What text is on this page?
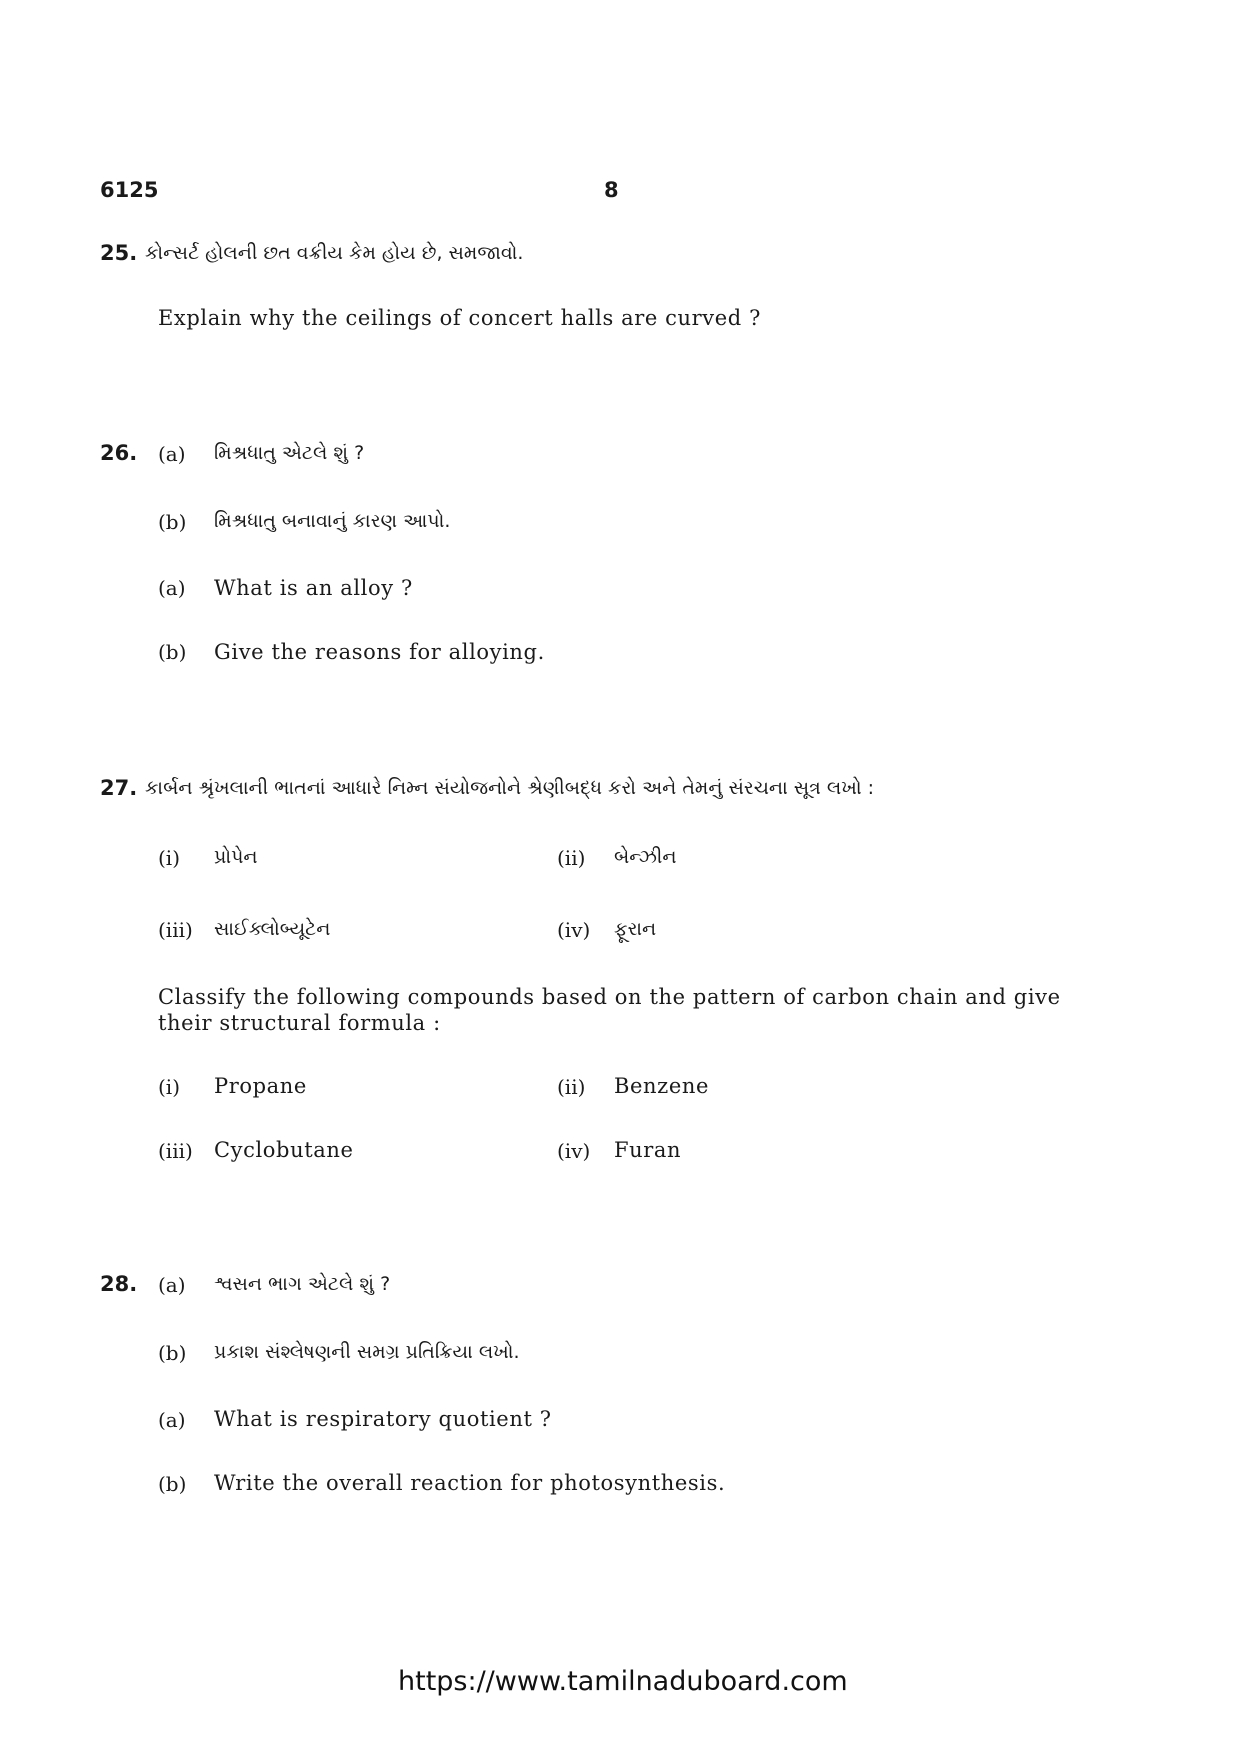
6125	8
25. કોન્સર્ટ હોલની છત વક્રીય કેમ હોય છે, સમજાવો.
Explain why the ceilings of concert halls are curved ?
26. (a) મિશ્રધાતુ એટલે શું ?
(b) મિશ્રધાતુ બનાવાનું કારણ આપો.
(a) What is an alloy ?
(b) Give the reasons for alloying.
27. કાર્બન શ્રૃંખલાની ભાતનાં આધારે નિમ્ન સંયોજનોને શ્રેણીબદ્ધ કરો અને તેમનું સંરચના સૂત્ર લખો :
(i) પ્રોપેન	(ii) બેન્ઝીન
(iii) સાઈક્લોબ્યૂટેન	(iv) ફૂરાન
Classify the following compounds based on the pattern of carbon chain and give their structural formula :
(i) Propane	(ii) Benzene
(iii) Cyclobutane	(iv) Furan
28. (a) શ્વસન ભાગ એટલે શું ?
(b) પ્રકાશ સંશ્લેષણની સમગ્ર પ્રતિક્રિયા લખો.
(a) What is respiratory quotient ?
(b) Write the overall reaction for photosynthesis.
https://www.tamilnaduboard.com
